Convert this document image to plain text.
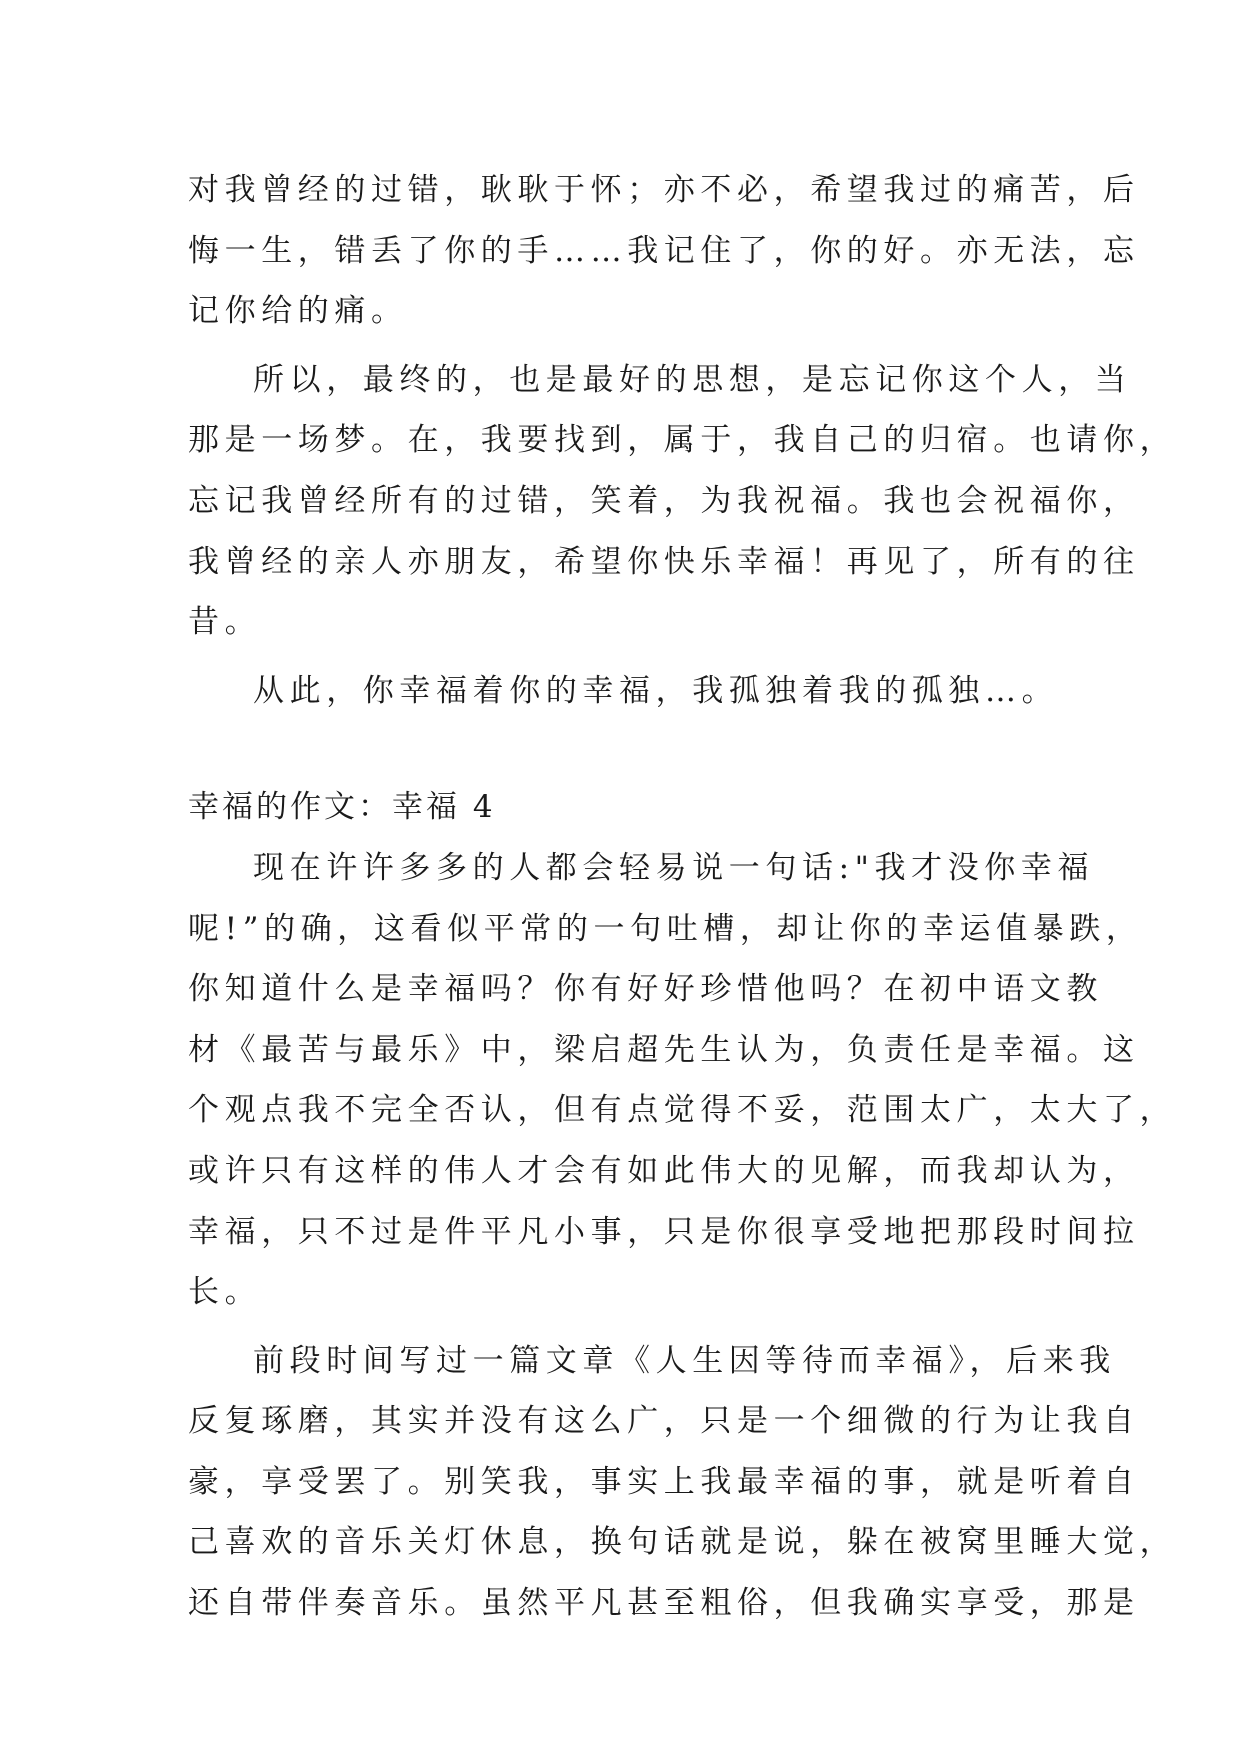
对我曾经的过错，耿耿于怀；亦不必，希望我过的痛苦，后
悔一生，错丢了你的手……我记住了，你的好。亦无法，忘
记你给的痛。
所以，最终的，也是最好的思想，是忘记你这个人，当
那是一场梦。在，我要找到，属于，我自己的归宿。也请你，
忘记我曾经所有的过错，笑着，为我祝福。我也会祝福你，
我曾经的亲人亦朋友，希望你快乐幸福！再见了，所有的往
昔。
从此，你幸福着你的幸福，我孤独着我的孤独…。
幸福的作文：幸福 4
现在许许多多的人都会轻易说一句话:"我才没你幸福
呢!”的确，这看似平常的一句吐槽，却让你的幸运值暴跌，
你知道什么是幸福吗？你有好好珍惜他吗？在初中语文教
材《最苦与最乐》中，梁启超先生认为，负责任是幸福。这
个观点我不完全否认，但有点觉得不妥，范围太广，太大了，
或许只有这样的伟人才会有如此伟大的见解，而我却认为，
幸福，只不过是件平凡小事，只是你很享受地把那段时间拉
长。
前段时间写过一篇文章《人生因等待而幸福》，后来我
反复琢磨，其实并没有这么广，只是一个细微的行为让我自
豪，享受罢了。别笑我，事实上我最幸福的事，就是听着自
己喜欢的音乐关灯休息，换句话就是说，躲在被窝里睡大觉，
还自带伴奏音乐。虽然平凡甚至粗俗，但我确实享受，那是
